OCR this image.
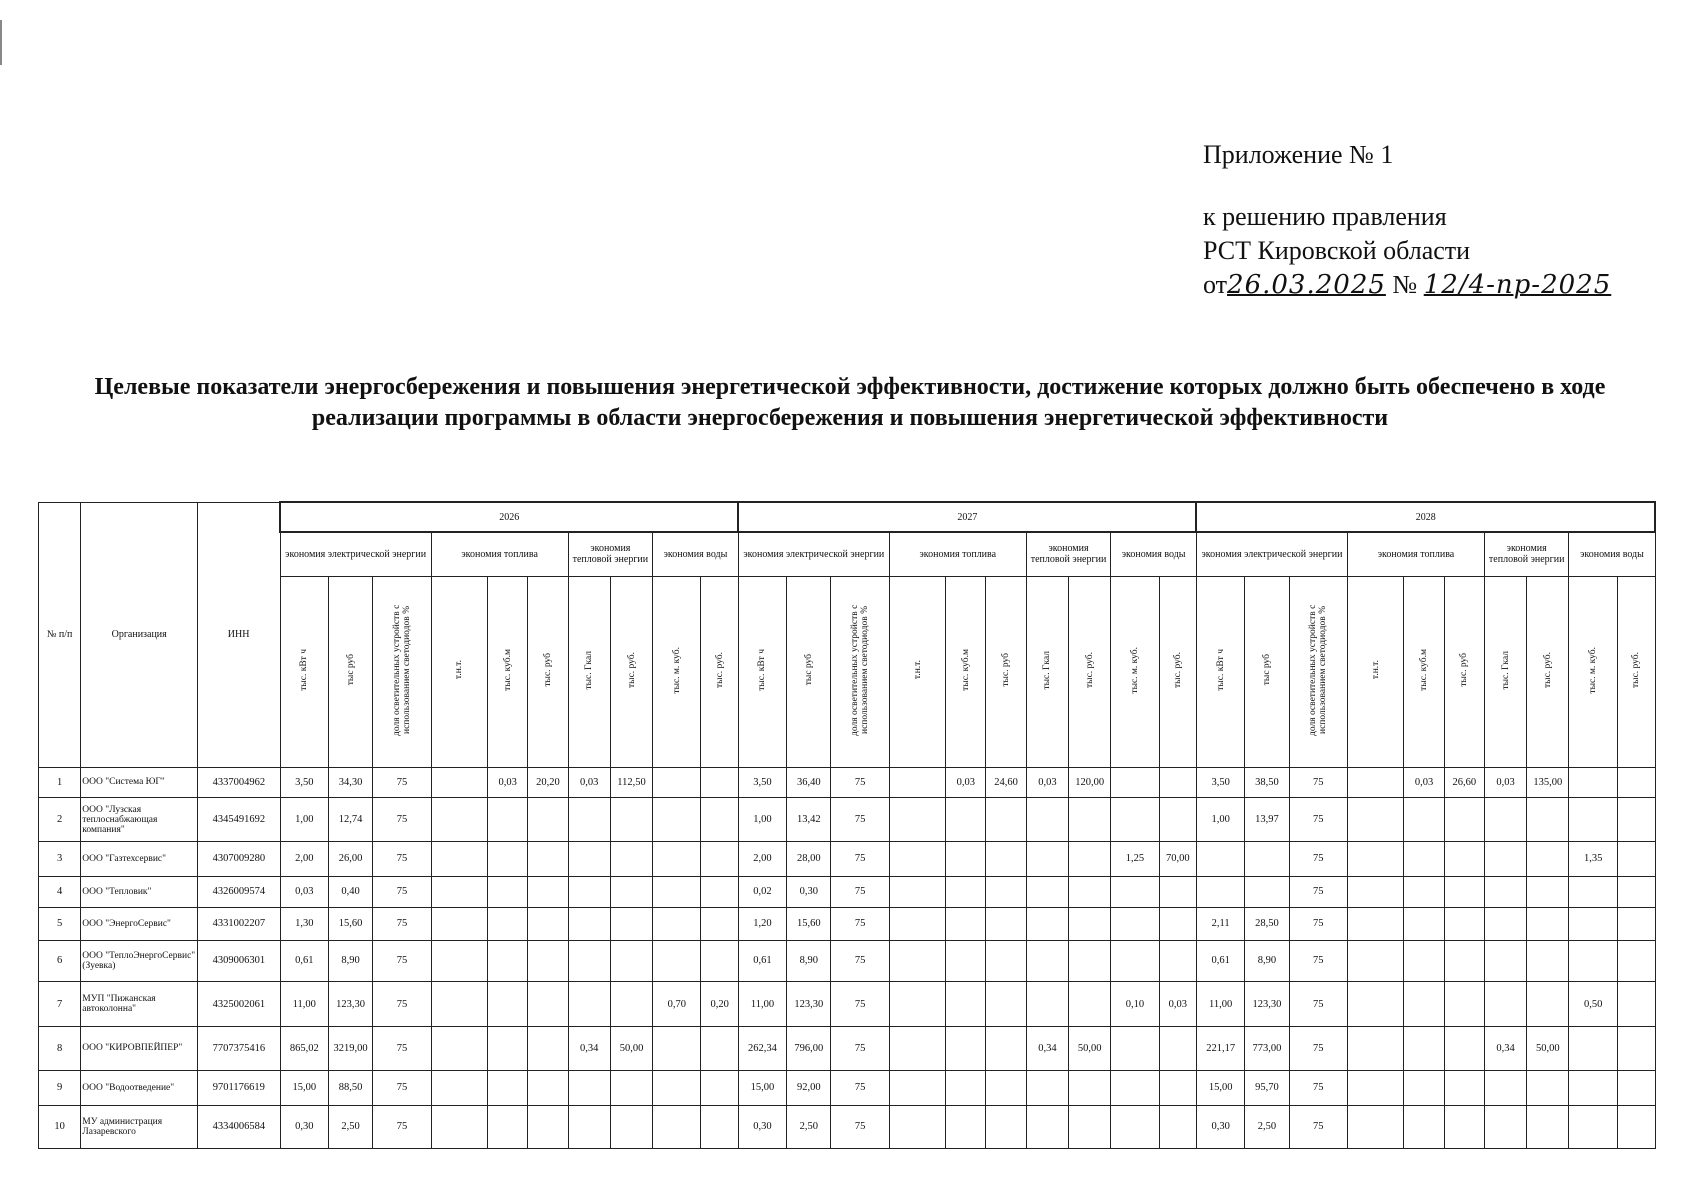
Приложение № 1
к решению правления
РСТ Кировской области
от26.03.2025 № 12/4-пр-2025
Целевые показатели энергосбережения и повышения энергетической эффективности, достижение которых должно быть обеспечено в ходе реализации программы в области энергосбережения и повышения энергетической эффективности
№ п/п	Организация	ИНН	2026										2027										2028									
			экономия электрической энергии			экономия топлива			экономия тепловой энергии		экономия воды		экономия электрической энергии			экономия топлива			экономия тепловой энергии		экономия воды		экономия электрической энергии			экономия топлива			экономия тепловой энергии		экономия воды	
			тыс. кВт ч	тыс руб	доля осветительных устройств с использованием светодиодов %	т.н.т.	тыс. куб.м	тыс. руб	тыс. Гкал	тыс. руб.	тыс. м. куб.	тыс. руб.	тыс. кВт ч	тыс руб	доля осветительных устройств с использованием светодиодов %	т.н.т.	тыс. куб.м	тыс. руб	тыс. Гкал	тыс. руб.	тыс. м. куб.	тыс. руб.	тыс. кВт ч	тыс руб	доля осветительных устройств с использованием светодиодов %	т.н.т.	тыс. куб.м	тыс. руб	тыс. Гкал	тыс. руб.	тыс. м. куб.	тыс. руб.
1	ООО "Система ЮГ"	4337004962	3,50	34,30	75		0,03	20,20	0,03	112,50			3,50	36,40	75		0,03	24,60	0,03	120,00			3,50	38,50	75		0,03	26,60	0,03	135,00		
2	ООО "Лузская теплоснабжающая компания"	4345491692	1,00	12,74	75								1,00	13,42	75								1,00	13,97	75							
3	ООО "Газтехсервис"	4307009280	2,00	26,00	75								2,00	28,00	75						1,25	70,00			75						1,35	
4	ООО "Тепловик"	4326009574	0,03	0,40	75								0,02	0,30	75										75							
5	ООО "ЭнергоСервис"	4331002207	1,30	15,60	75								1,20	15,60	75								2,11	28,50	75							
6	ООО "ТеплоЭнергоСервис" (Зуевка)	4309006301	0,61	8,90	75								0,61	8,90	75								0,61	8,90	75							
7	МУП "Пижанская автоколонна"	4325002061	11,00	123,30	75						0,70	0,20	11,00	123,30	75						0,10	0,03	11,00	123,30	75						0,50	
8	ООО "КИРОВПЕЙПЕР"	7707375416	865,02	3219,00	75				0,34	50,00			262,34	796,00	75				0,34	50,00			221,17	773,00	75				0,34	50,00		
9	ООО "Водоотведение"	9701176619	15,00	88,50	75								15,00	92,00	75								15,00	95,70	75							
10	МУ администрация Лазаревского	4334006584	0,30	2,50	75								0,30	2,50	75								0,30	2,50	75							
